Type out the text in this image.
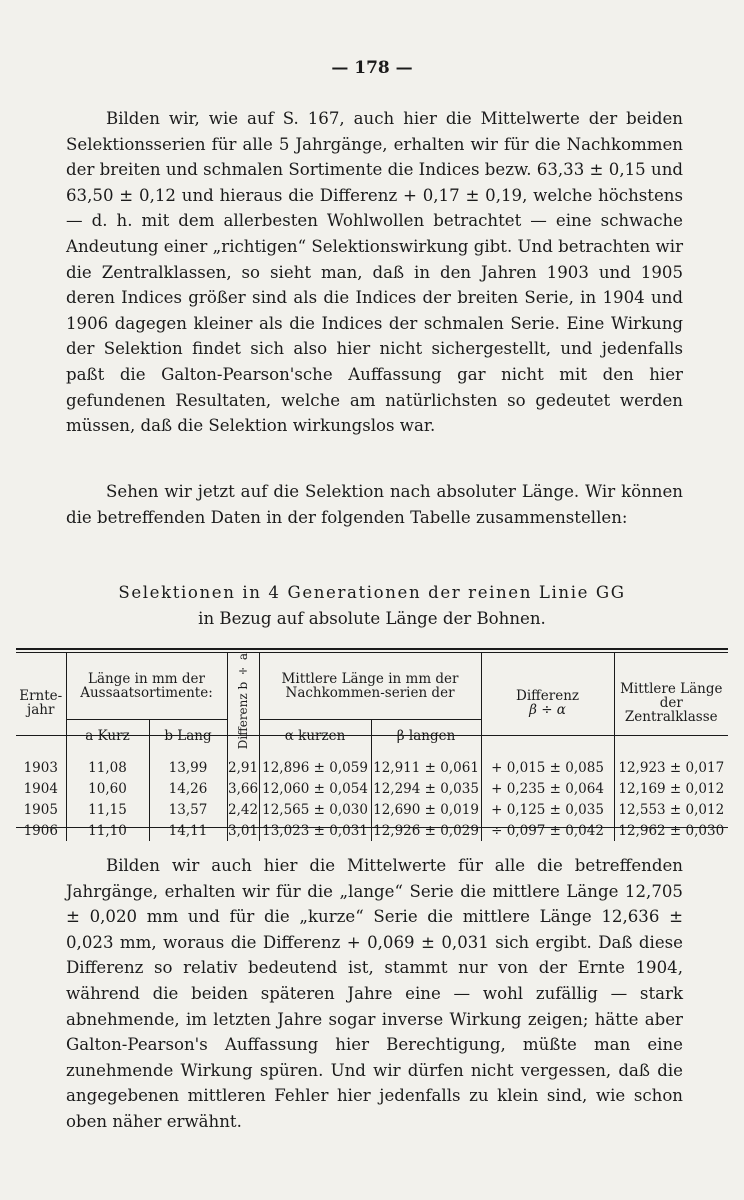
— 178 —

Bilden wir, wie auf S. 167, auch hier die Mittelwerte der beiden Selektionsserien für alle 5 Jahrgänge, erhalten wir für die Nachkommen der breiten und schmalen Sortimente die Indices bezw. 63,33 ± 0,15 und 63,50 ± 0,12 und hieraus die Differenz + 0,17 ± 0,19, welche höchstens — d. h. mit dem allerbesten Wohlwollen betrachtet — eine schwache Andeutung einer „richtigen“ Selektionswirkung gibt. Und betrachten wir die Zentralklassen, so sieht man, daß in den Jahren 1903 und 1905 deren Indices größer sind als die Indices der breiten Serie, in 1904 und 1906 dagegen kleiner als die Indices der schmalen Serie. Eine Wirkung der Selektion findet sich also hier nicht sichergestellt, und jedenfalls paßt die Galton-Pearson'sche Auffassung gar nicht mit den hier gefundenen Resultaten, welche am natürlichsten so gedeutet werden müssen, daß die Selektion wirkungslos war.

Sehen wir jetzt auf die Selektion nach absoluter Länge. Wir können die betreffenden Daten in der folgenden Tabelle zusammenstellen:

Selektionen in 4 Generationen der reinen Linie GG
in Bezug auf absolute Länge der Bohnen.
Ernte-jahr	Länge in mm der Aussaatsortimente:		Differenz b ÷ a	Mittlere Länge in mm der Nachkommen-serien der		Differenz
β ÷ α	Mittlere Länge der Zentralklasse
	a Kurz	b Lang		α kurzen	β langen		
1903	11,08	13,99	2,91	12,896 ± 0,059	12,911 ± 0,061	+ 0,015 ± 0,085	12,923 ± 0,017
1904	10,60	14,26	3,66	12,060 ± 0,054	12,294 ± 0,035	+ 0,235 ± 0,064	12,169 ± 0,012
1905	11,15	13,57	2,42	12,565 ± 0,030	12,690 ± 0,019	+ 0,125 ± 0,035	12,553 ± 0,012
1906	11,10	14,11	3,01	13,023 ± 0,031	12,926 ± 0,029	÷ 0,097 ± 0,042	12,962 ± 0,030

Bilden wir auch hier die Mittelwerte für alle die betreffenden Jahrgänge, erhalten wir für die „lange“ Serie die mittlere Länge 12,705 ± 0,020 mm und für die „kurze“ Serie die mittlere Länge 12,636 ± 0,023 mm, woraus die Differenz + 0,069 ± 0,031 sich ergibt. Daß diese Differenz so relativ bedeutend ist, stammt nur von der Ernte 1904, während die beiden späteren Jahre eine — wohl zufällig — stark abnehmende, im letzten Jahre sogar inverse Wirkung zeigen; hätte aber Galton-Pearson's Auffassung hier Berechtigung, müßte man eine zunehmende Wirkung spüren. Und wir dürfen nicht vergessen, daß die angegebenen mittleren Fehler hier jedenfalls zu klein sind, wie schon oben näher erwähnt.
